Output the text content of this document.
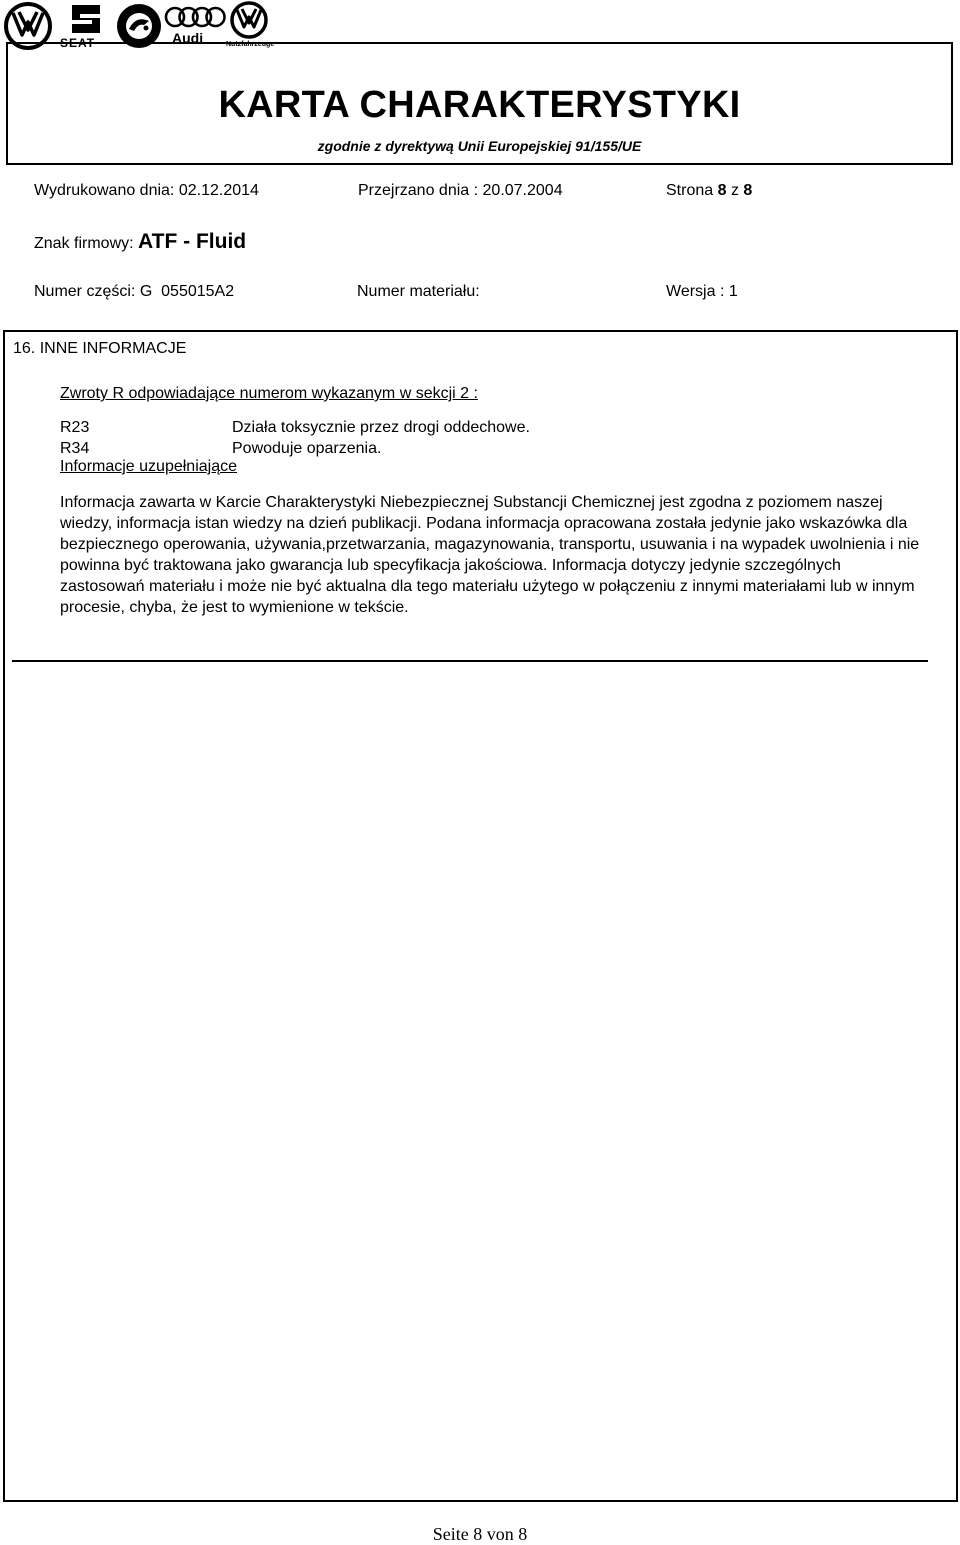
SEAT	Audi	Nutzfahrzeuge
KARTA CHARAKTERYSTYKI
zgodnie z dyrektywą Unii Europejskiej 91/155/UE
Wydrukowano dnia: 02.12.2014	Przejrzano dnia : 20.07.2004	Strona 8 z 8
Znak firmowy: ATF - Fluid
Numer części: G  055015A2	Numer materiału:	Wersja : 1
16. INNE INFORMACJE
Zwroty R odpowiadające numerom wykazanym w sekcji 2 :
R23	Działa toksycznie przez drogi oddechowe.
R34	Powoduje oparzenia.
Informacje uzupełniające

Informacja zawarta w Karcie Charakterystyki Niebezpiecznej Substancji Chemicznej jest zgodna z poziomem naszej wiedzy, informacja istan wiedzy na dzień publikacji. Podana informacja opracowana została jedynie jako wskazówka dla bezpiecznego operowania, używania,przetwarzania, magazynowania, transportu, usuwania i na wypadek uwolnienia i nie powinna być traktowana jako gwarancja lub specyfikacja jakościowa. Informacja dotyczy jedynie szczególnych zastosowań materiału i może nie być aktualna dla tego materiału użytego w połączeniu z innymi materiałami lub w innym procesie, chyba, że jest to wymienione w tekście.

Seite 8 von 8
